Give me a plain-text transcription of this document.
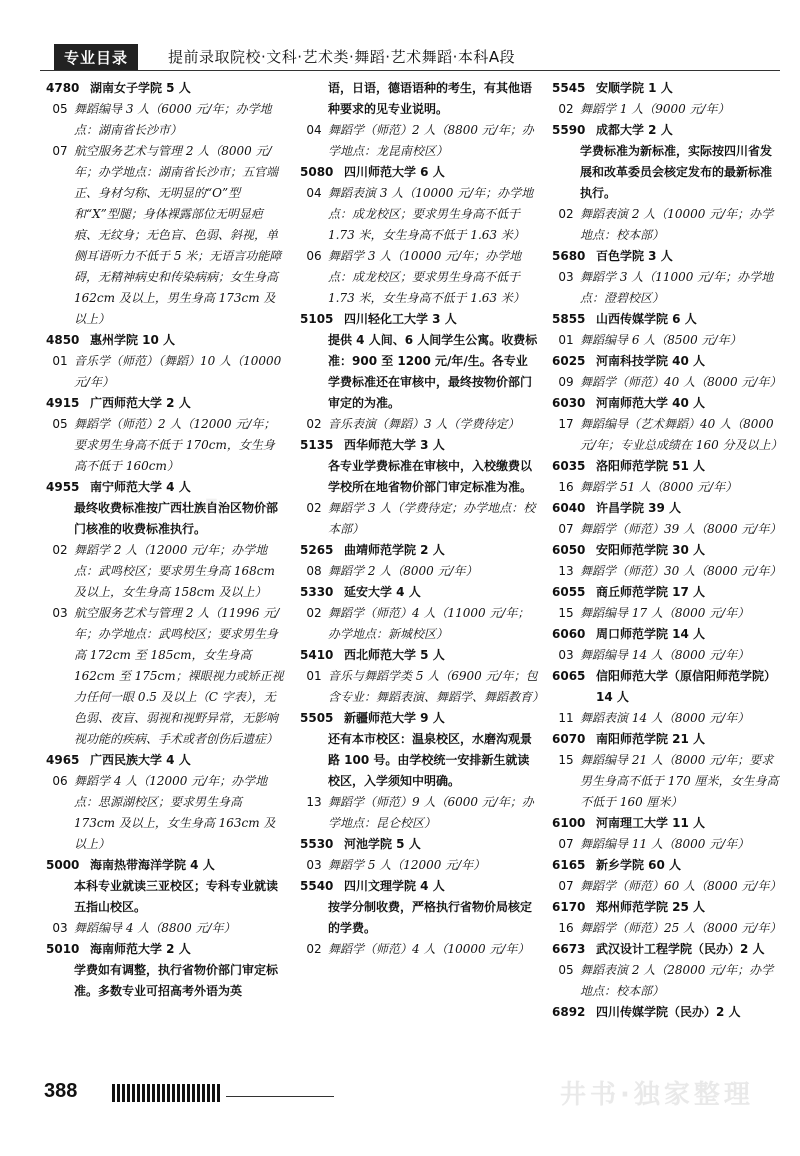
专业目录	提前录取院校·文科·艺术类·舞蹈·艺术舞蹈·本科A段
·
4780 湖南女子学院 5 人
05 舞蹈编导 3 人（6000 元/年；办学地点：湖南省长沙市）
07 航空服务艺术与管理 2 人（8000 元/年；办学地点：湖南省长沙市；五官端正、身材匀称、无明显的“O”型和“X”型腿；身体裸露部位无明显疤痕、无纹身；无色盲、色弱、斜视，单侧耳语听力不低于 5 米；无语言功能障碍，无精神病史和传染病病；女生身高 162cm 及以上，男生身高 173cm 及以上）
4850 惠州学院 10 人
01 音乐学（师范）（舞蹈）10 人（10000 元/年）
4915 广西师范大学 2 人
05 舞蹈学（师范）2 人（12000 元/年；要求男生身高不低于 170cm，女生身高不低于 160cm）
4955 南宁师范大学 4 人
最终收费标准按广西壮族自治区物价部门核准的收费标准执行。
02 舞蹈学 2 人（12000 元/年；办学地点：武鸣校区；要求男生身高 168cm 及以上，女生身高 158cm 及以上）
03 航空服务艺术与管理 2 人（11996 元/年；办学地点：武鸣校区；要求男生身高 172cm 至 185cm，女生身高 162cm 至 175cm；裸眼视力或矫正视力任何一眼 0.5 及以上（C 字表），无色弱、夜盲、弱视和视野异常，无影响视功能的疾病、手术或者创伤后遗症）
4965 广西民族大学 4 人
06 舞蹈学 4 人（12000 元/年；办学地点：思源湖校区；要求男生身高 173cm 及以上，女生身高 163cm 及以上）
5000 海南热带海洋学院 4 人
本科专业就读三亚校区；专科专业就读五指山校区。
03 舞蹈编导 4 人（8800 元/年）
5010 海南师范大学 2 人
学费如有调整，执行省物价部门审定标准。多数专业可招高考外语为英
语，日语，德语语种的考生，有其他语种要求的见专业说明。
04 舞蹈学（师范）2 人（8800 元/年；办学地点：龙昆南校区）
5080 四川师范大学 6 人
04 舞蹈表演 3 人（10000 元/年；办学地点：成龙校区；要求男生身高不低于 1.73 米，女生身高不低于 1.63 米）
06 舞蹈学 3 人（10000 元/年；办学地点：成龙校区；要求男生身高不低于 1.73 米，女生身高不低于 1.63 米）
5105 四川轻化工大学 3 人
提供 4 人间、6 人间学生公寓。收费标准：900 至 1200 元/年/生。各专业学费标准还在审核中，最终按物价部门审定的为准。
02 音乐表演（舞蹈）3 人（学费待定）
5135 西华师范大学 3 人
各专业学费标准在审核中，入校缴费以学校所在地省物价部门审定标准为准。
02 舞蹈学 3 人（学费待定；办学地点：校本部）
5265 曲靖师范学院 2 人
08 舞蹈学 2 人（8000 元/年）
5330 延安大学 4 人
02 舞蹈学（师范）4 人（11000 元/年；办学地点：新城校区）
5410 西北师范大学 5 人
01 音乐与舞蹈学类 5 人（6900 元/年；包含专业：舞蹈表演、舞蹈学、舞蹈教育）
5505 新疆师范大学 9 人
还有本市校区：温泉校区，水磨沟观景路 100 号。由学校统一安排新生就读校区，入学须知中明确。
13 舞蹈学（师范）9 人（6000 元/年；办学地点：昆仑校区）
5530 河池学院 5 人
03 舞蹈学 5 人（12000 元/年）
5540 四川文理学院 4 人
按学分制收费，严格执行省物价局核定的学费。
02 舞蹈学（师范）4 人（10000 元/年）
5545 安顺学院 1 人
02 舞蹈学 1 人（9000 元/年）
5590 成都大学 2 人
学费标准为新标准，实际按四川省发展和改革委员会核定发布的最新标准执行。
02 舞蹈表演 2 人（10000 元/年；办学地点：校本部）
5680 百色学院 3 人
03 舞蹈学 3 人（11000 元/年；办学地点：澄碧校区）
5855 山西传媒学院 6 人
01 舞蹈编导 6 人（8500 元/年）
6025 河南科技学院 40 人
09 舞蹈学（师范）40 人（8000 元/年）
6030 河南师范大学 40 人
17 舞蹈编导（艺术舞蹈）40 人（8000 元/年；专业总成绩在 160 分及以上）
6035 洛阳师范学院 51 人
16 舞蹈学 51 人（8000 元/年）
6040 许昌学院 39 人
07 舞蹈学（师范）39 人（8000 元/年）
6050 安阳师范学院 30 人
13 舞蹈学（师范）30 人（8000 元/年）
6055 商丘师范学院 17 人
15 舞蹈编导 17 人（8000 元/年）
6060 周口师范学院 14 人
03 舞蹈编导 14 人（8000 元/年）
6065 信阳师范大学（原信阳师范学院）14 人
11 舞蹈表演 14 人（8000 元/年）
6070 南阳师范学院 21 人
15 舞蹈编导 21 人（8000 元/年；要求男生身高不低于 170 厘米，女生身高不低于 160 厘米）
6100 河南理工大学 11 人
07 舞蹈编导 11 人（8000 元/年）
6165 新乡学院 60 人
07 舞蹈学（师范）60 人（8000 元/年）
6170 郑州师范学院 25 人
16 舞蹈学（师范）25 人（8000 元/年）
6673 武汉设计工程学院（民办）2 人
05 舞蹈表演 2 人（28000 元/年；办学地点：校本部）
6892 四川传媒学院（民办）2 人
388	井书·独家整理
